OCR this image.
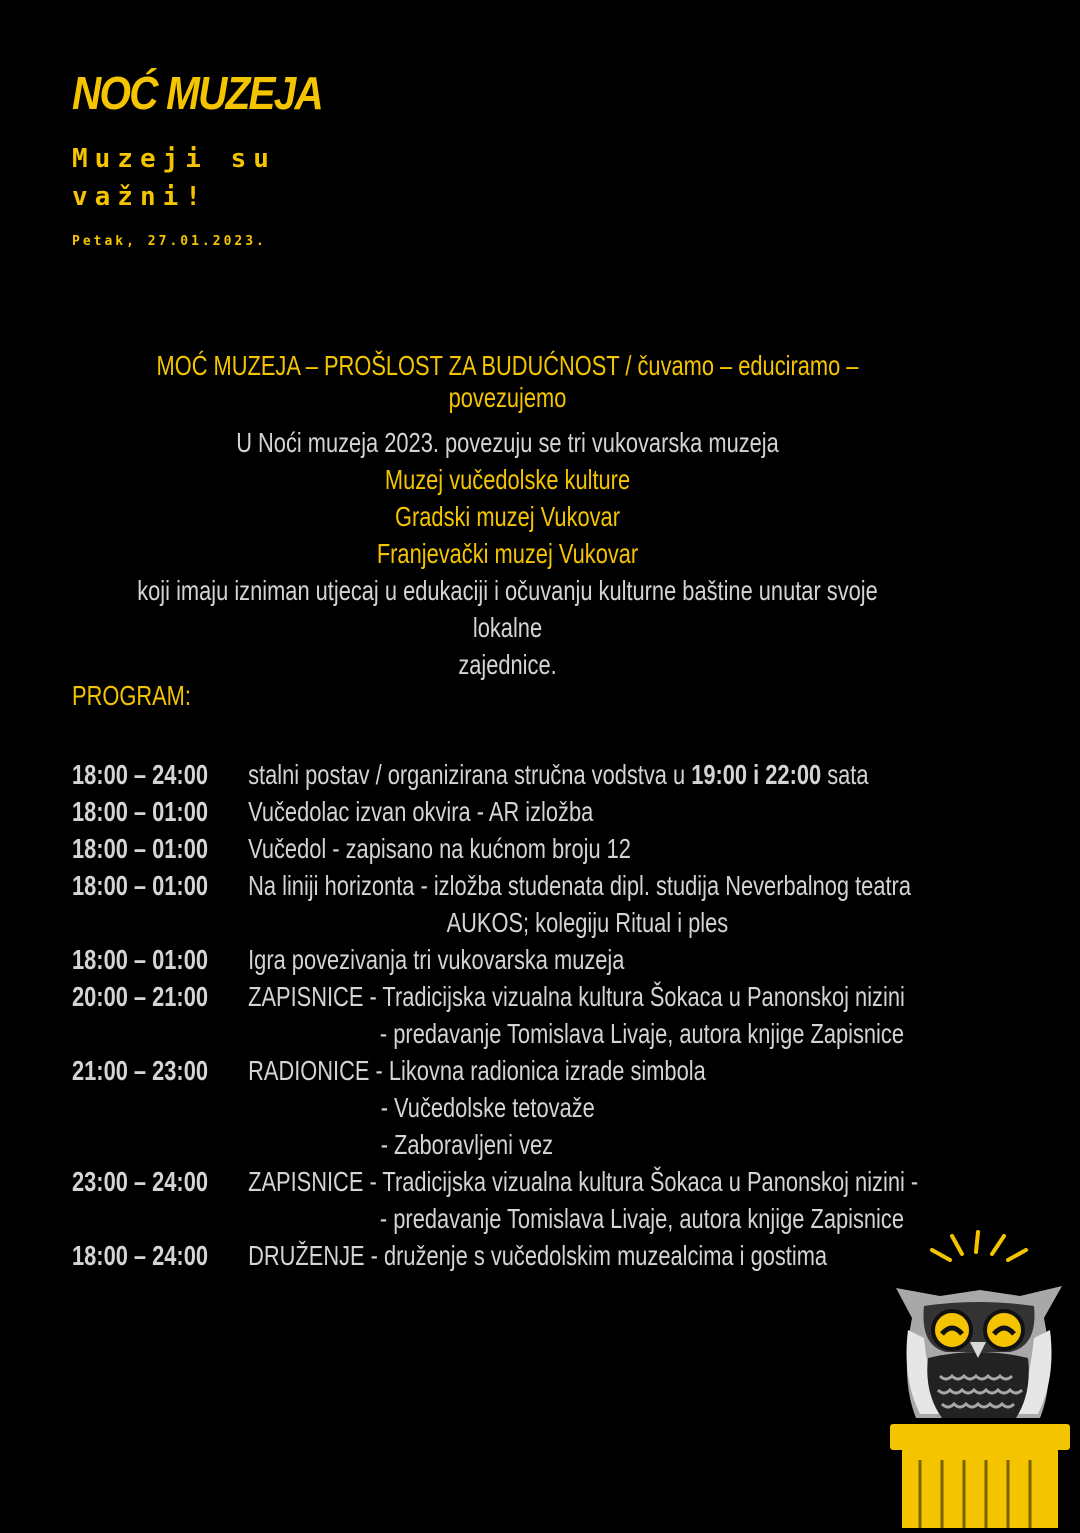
NOĆ MUZEJA
Muzeji su
važni!
Petak, 27.01.2023.
MOĆ MUZEJA – PROŠLOST ZA BUDUĆNOST / čuvamo – educiramo – povezujemo
U Noći muzeja 2023. povezuju se tri vukovarska muzeja
Muzej vučedolske kulture
Gradski muzej Vukovar
Franjevački muzej Vukovar
koji imaju izniman utjecaj u edukaciji i očuvanju kulturne baštine unutar svoje lokalne
zajednice.
PROGRAM:
18:00 – 24:00 stalni postav / organizirana stručna vodstva u 19:00 i 22:00 sata
18:00 – 01:00 Vučedolac izvan okvira - AR izložba
18:00 – 01:00 Vučedol - zapisano na kućnom broju 12
18:00 – 01:00 Na liniji horizonta - izložba studenata dipl. studija Neverbalnog teatra
AUKOS; kolegiju Ritual i ples
18:00 – 01:00 Igra povezivanja tri vukovarska muzeja
20:00 – 21:00 ZAPISNICE - Tradicijska vizualna kultura Šokaca u Panonskoj nizini
- predavanje Tomislava Livaje, autora knjige Zapisnice
21:00 – 23:00 RADIONICE - Likovna radionica izrade simbola
- Vučedolske tetovaže
- Zaboravljeni vez
23:00 – 24:00 ZAPISNICE - Tradicijska vizualna kultura Šokaca u Panonskoj nizini -
- predavanje Tomislava Livaje, autora knjige Zapisnice
18:00 – 24:00 DRUŽENJE - druženje s vučedolskim muzealcima i gostima
